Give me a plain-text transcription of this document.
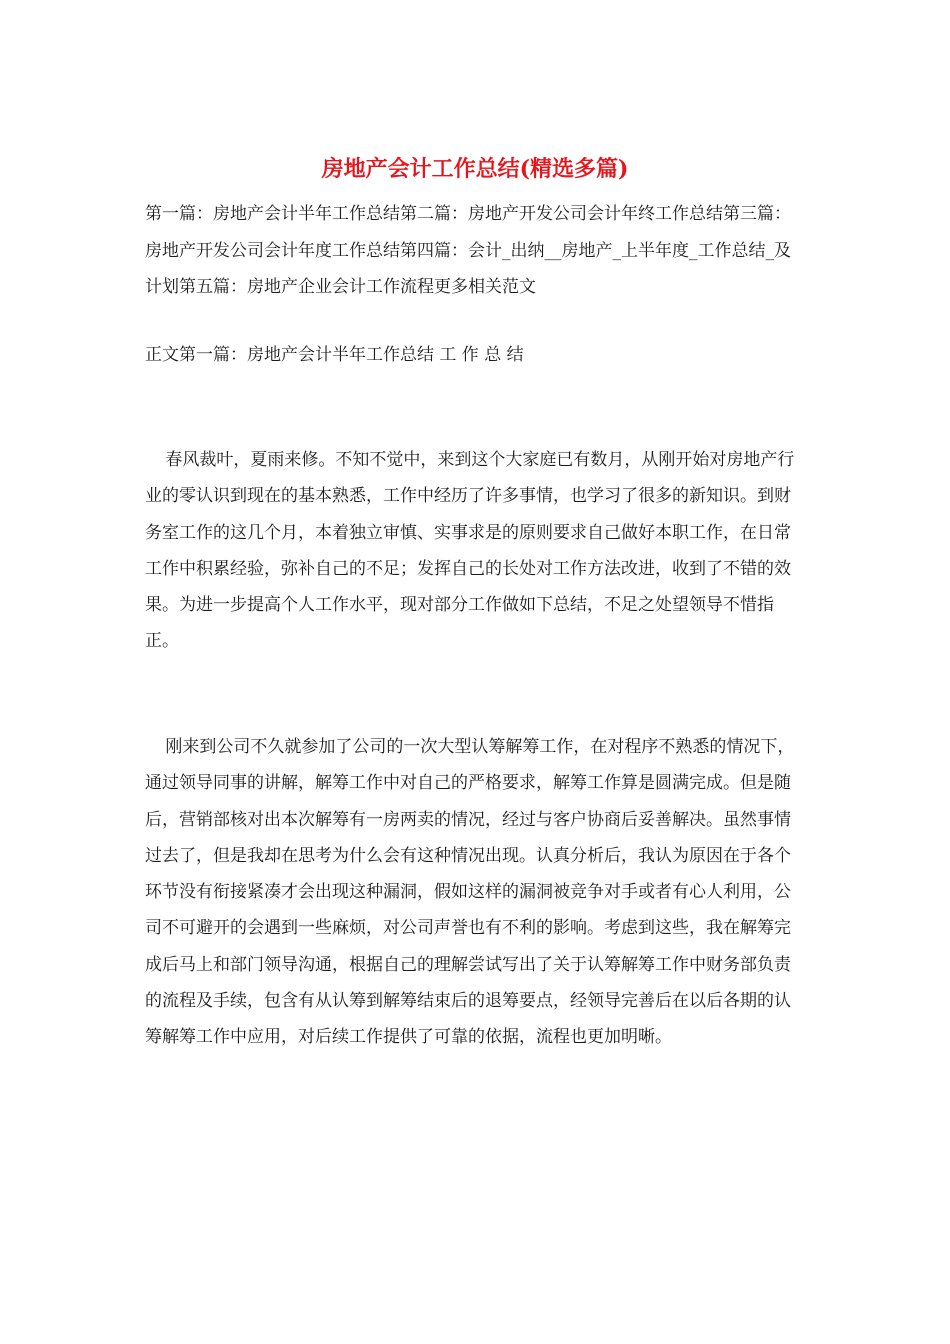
房地产会计工作总结(精选多篇)

第一篇：房地产会计半年工作总结第二篇：房地产开发公司会计年终工作总结第三篇：房地产开发公司会计年度工作总结第四篇：会计_出纳__房地产_上半年度_工作总结_及计划第五篇：房地产企业会计工作流程更多相关范文

正文第一篇：房地产会计半年工作总结 工 作 总 结

春风裁叶，夏雨来修。不知不觉中，来到这个大家庭已有数月，从刚开始对房地产行业的零认识到现在的基本熟悉，工作中经历了许多事情，也学习了很多的新知识。到财务室工作的这几个月，本着独立审慎、实事求是的原则要求自己做好本职工作，在日常工作中积累经验，弥补自己的不足；发挥自己的长处对工作方法改进，收到了不错的效果。为进一步提高个人工作水平，现对部分工作做如下总结，不足之处望领导不惜指正。

刚来到公司不久就参加了公司的一次大型认筹解筹工作，在对程序不熟悉的情况下，通过领导同事的讲解，解筹工作中对自己的严格要求，解筹工作算是圆满完成。但是随后，营销部核对出本次解筹有一房两卖的情况，经过与客户协商后妥善解决。虽然事情过去了，但是我却在思考为什么会有这种情况出现。认真分析后，我认为原因在于各个环节没有衔接紧凑才会出现这种漏洞，假如这样的漏洞被竞争对手或者有心人利用，公司不可避开的会遇到一些麻烦，对公司声誉也有不利的影响。考虑到这些，我在解筹完成后马上和部门领导沟通，根据自己的理解尝试写出了关于认筹解筹工作中财务部负责的流程及手续，包含有从认筹到解筹结束后的退筹要点，经领导完善后在以后各期的认筹解筹工作中应用，对后续工作提供了可靠的依据，流程也更加明晰。
